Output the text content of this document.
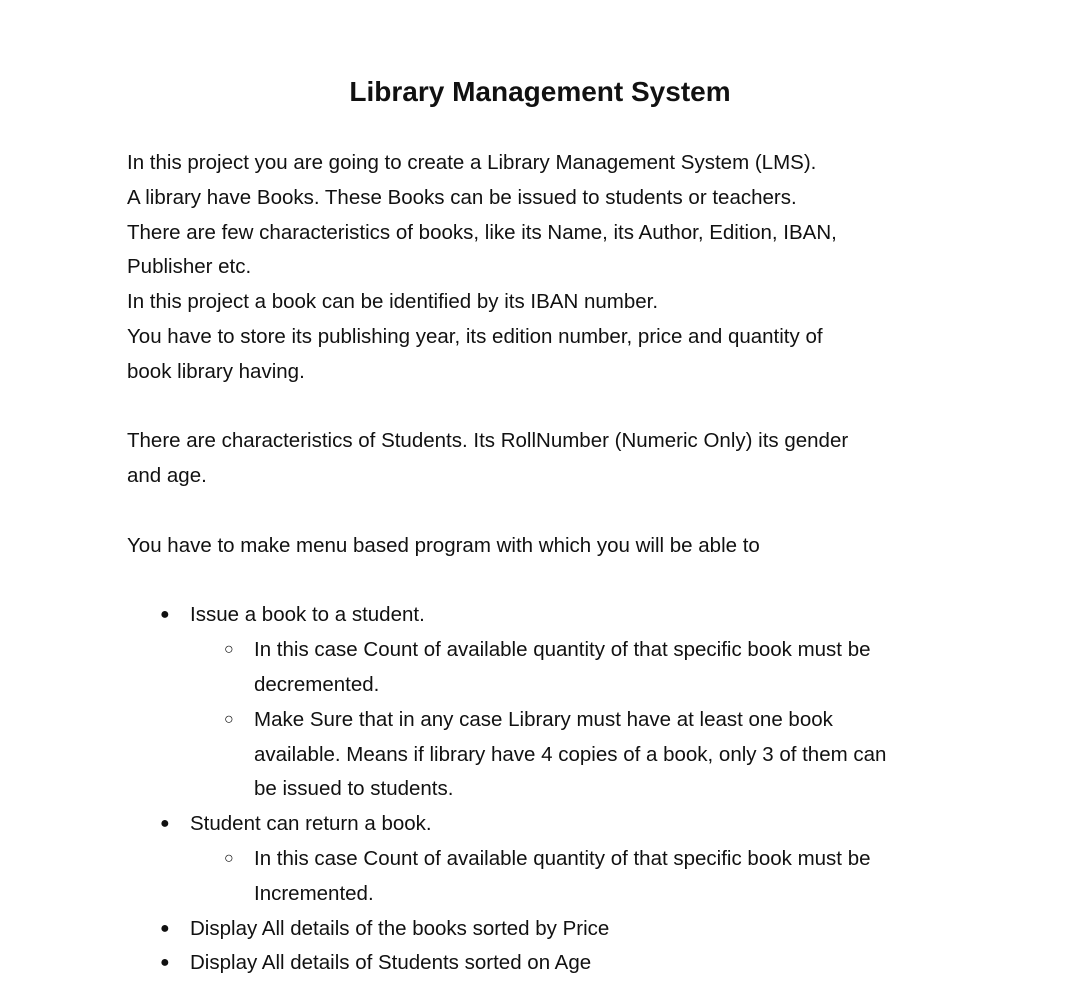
Library Management System

In this project you are going to create a Library Management System (LMS).

A library have Books. These Books can be issued to students or teachers.

There are few characteristics of books, like its Name, its Author, Edition, IBAN,

Publisher etc.

In this project a book can be identified by its IBAN number.

You have to store its publishing year, its edition number, price and quantity of

book library having.

There are characteristics of Students. Its RollNumber (Numeric Only) its gender

and age.

You have to make menu based program with which you will be able to

● Issue a book to a student.
○ In this case Count of available quantity of that specific book must be
decremented.
○ Make Sure that in any case Library must have at least one book
available. Means if library have 4 copies of a book, only 3 of them can
be issued to students.
● Student can return a book.
○ In this case Count of available quantity of that specific book must be
Incremented.
● Display All details of the books sorted by Price
● Display All details of Students sorted on Age
